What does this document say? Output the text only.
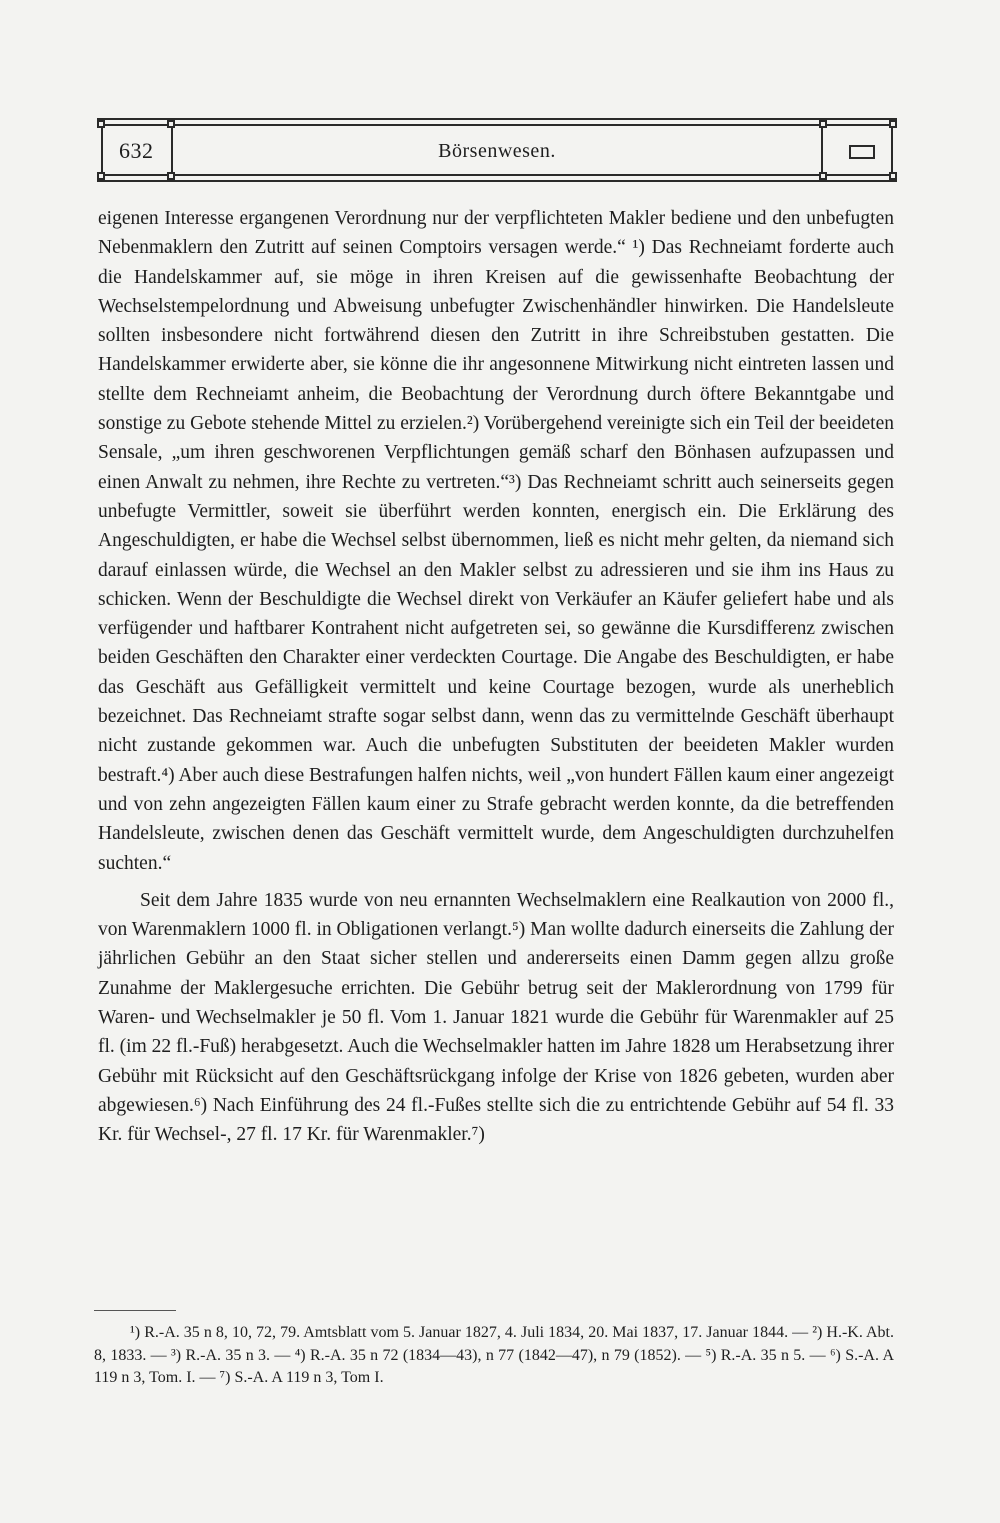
632	Börsenwesen.

eigenen Interesse ergangenen Verordnung nur der verpflichteten Makler bediene und den unbefugten Nebenmaklern den Zutritt auf seinen Comptoirs versagen werde.“ ¹) Das Rechneiamt forderte auch die Handelskammer auf, sie möge in ihren Kreisen auf die gewissenhafte Beobachtung der Wechselstempelordnung und Abweisung unbefugter Zwischenhändler hinwirken. Die Handelsleute sollten insbesondere nicht fortwährend diesen den Zutritt in ihre Schreibstuben gestatten. Die Handelskammer erwiderte aber, sie könne die ihr angesonnene Mitwirkung nicht eintreten lassen und stellte dem Rechneiamt anheim, die Beobachtung der Verordnung durch öftere Bekanntgabe und sonstige zu Gebote stehende Mittel zu erzielen.²) Vorübergehend vereinigte sich ein Teil der beeideten Sensale, „um ihren geschworenen Verpflichtungen gemäß scharf den Bönhasen aufzupassen und einen Anwalt zu nehmen, ihre Rechte zu vertreten.“³) Das Rechneiamt schritt auch seinerseits gegen unbefugte Vermittler, soweit sie überführt werden konnten, energisch ein. Die Erklärung des Angeschuldigten, er habe die Wechsel selbst übernommen, ließ es nicht mehr gelten, da niemand sich darauf einlassen würde, die Wechsel an den Makler selbst zu adressieren und sie ihm ins Haus zu schicken. Wenn der Beschuldigte die Wechsel direkt von Verkäufer an Käufer geliefert habe und als verfügender und haftbarer Kontrahent nicht aufgetreten sei, so gewänne die Kursdifferenz zwischen beiden Geschäften den Charakter einer verdeckten Courtage. Die Angabe des Beschuldigten, er habe das Geschäft aus Gefälligkeit vermittelt und keine Courtage bezogen, wurde als unerheblich bezeichnet. Das Rechneiamt strafte sogar selbst dann, wenn das zu vermittelnde Geschäft überhaupt nicht zustande gekommen war. Auch die unbefugten Substituten der beeideten Makler wurden bestraft.⁴) Aber auch diese Bestrafungen halfen nichts, weil „von hundert Fällen kaum einer angezeigt und von zehn angezeigten Fällen kaum einer zu Strafe gebracht werden konnte, da die betreffenden Handelsleute, zwischen denen das Geschäft vermittelt wurde, dem Angeschuldigten durchzuhelfen suchten.“

Seit dem Jahre 1835 wurde von neu ernannten Wechselmaklern eine Realkaution von 2000 fl., von Warenmaklern 1000 fl. in Obligationen verlangt.⁵) Man wollte dadurch einerseits die Zahlung der jährlichen Gebühr an den Staat sicher stellen und andererseits einen Damm gegen allzu große Zunahme der Maklergesuche errichten. Die Gebühr betrug seit der Maklerordnung von 1799 für Waren- und Wechselmakler je 50 fl. Vom 1. Januar 1821 wurde die Gebühr für Warenmakler auf 25 fl. (im 22 fl.-Fuß) herabgesetzt. Auch die Wechselmakler hatten im Jahre 1828 um Herabsetzung ihrer Gebühr mit Rücksicht auf den Geschäftsrückgang infolge der Krise von 1826 gebeten, wurden aber abgewiesen.⁶) Nach Einführung des 24 fl.-Fußes stellte sich die zu entrichtende Gebühr auf 54 fl. 33 Kr. für Wechsel-, 27 fl. 17 Kr. für Warenmakler.⁷)

¹) R.-A. 35 n 8, 10, 72, 79. Amtsblatt vom 5. Januar 1827, 4. Juli 1834, 20. Mai 1837, 17. Januar 1844. — ²) H.-K. Abt. 8, 1833. — ³) R.-A. 35 n 3. — ⁴) R.-A. 35 n 72 (1834—43), n 77 (1842—47), n 79 (1852). — ⁵) R.-A. 35 n 5. — ⁶) S.-A. A 119 n 3, Tom. I. — ⁷) S.-A. A 119 n 3, Tom I.
